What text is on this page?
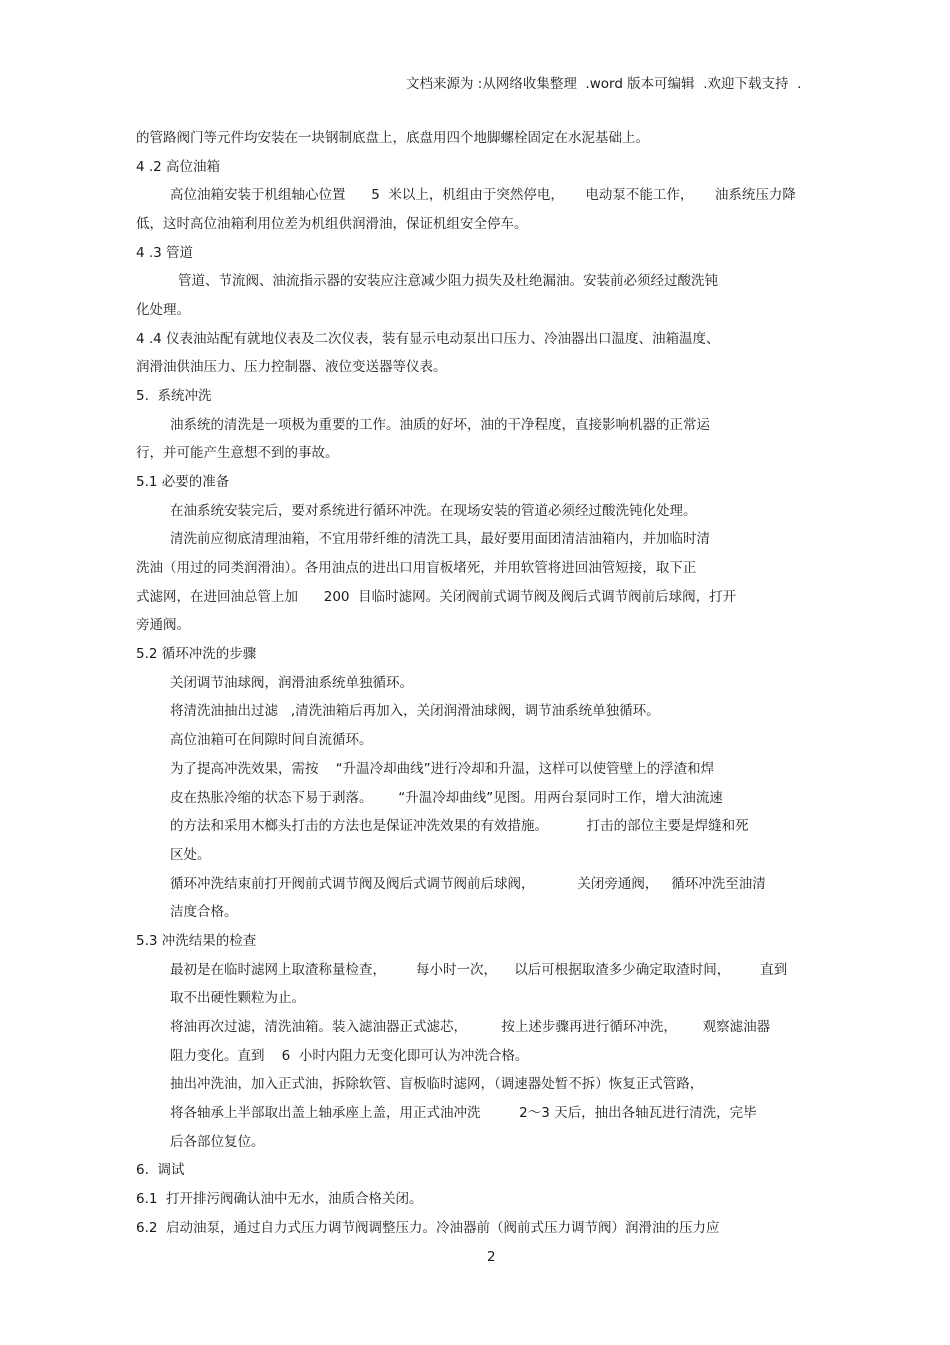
文档来源为 :从网络收集整理  .word 版本可编辑  .欢迎下载支持  .
的管路阀门等元件均安装在一块钢制底盘上，底盘用四个地脚螺栓固定在水泥基础上。
4 .2 高位油箱
高位油箱安装于机组轴心位置      5  米以上，机组由于突然停电，     电动泵不能工作，     油系统压力降
低，这时高位油箱利用位差为机组供润滑油，保证机组安全停车。
4 .3 管道
管道、节流阀、油流指示器的安装应注意减少阻力损失及杜绝漏油。安装前必须经过酸洗钝
化处理。
4 .4 仪表油站配有就地仪表及二次仪表，装有显示电动泵出口压力、冷油器出口温度、油箱温度、
润滑油供油压力、压力控制器、液位变送器等仪表。
5.  系统冲洗
油系统的清洗是一项极为重要的工作。油质的好坏，油的干净程度，直接影响机器的正常运
行，并可能产生意想不到的事故。
5.1 必要的准备
在油系统安装完后，要对系统进行循环冲洗。在现场安装的管道必须经过酸洗钝化处理。
清洗前应彻底清理油箱，不宜用带纤维的清洗工具，最好要用面团清洁油箱内，并加临时清
洗油（用过的同类润滑油）。各用油点的进出口用盲板堵死，并用软管将进回油管短接，取下正
式滤网，在进回油总管上加      200  目临时滤网。关闭阀前式调节阀及阀后式调节阀前后球阀，打开
旁通阀。
5.2 循环冲洗的步骤
关闭调节油球阀，润滑油系统单独循环。
将清洗油抽出过滤   ,清洗油箱后再加入，关闭润滑油球阀，调节油系统单独循环。
高位油箱可在间隙时间自流循环。
为了提高冲洗效果，需按    “升温冷却曲线”进行冷却和升温，这样可以使管壁上的浮渣和焊
皮在热胀冷缩的状态下易于剥落。      “升温冷却曲线”见图。用两台泵同时工作，增大油流速
的方法和采用木榔头打击的方法也是保证冲洗效果的有效措施。         打击的部位主要是焊缝和死
区处。
循环冲洗结束前打开阀前式调节阀及阀后式调节阀前后球阀，          关闭旁通阀，   循环冲洗至油清
洁度合格。
5.3 冲洗结果的检查
最初是在临时滤网上取渣称量检查，       每小时一次，    以后可根据取渣多少确定取渣时间，       直到
取不出硬性颗粒为止。
将油再次过滤，清洗油箱。装入滤油器正式滤芯，        按上述步骤再进行循环冲洗，      观察滤油器
阻力变化。直到    6  小时内阻力无变化即可认为冲洗合格。
抽出冲洗油，加入正式油，拆除软管、盲板临时滤网，（调速器处暂不拆）恢复正式管路，
将各轴承上半部取出盖上轴承座上盖，用正式油冲洗         2～3 天后，抽出各轴瓦进行清洗，完毕
后各部位复位。
6.  调试
6.1  打开排污阀确认油中无水，油质合格关闭。
6.2  启动油泵，通过自力式压力调节阀调整压力。冷油器前（阀前式压力调节阀）润滑油的压力应
2
